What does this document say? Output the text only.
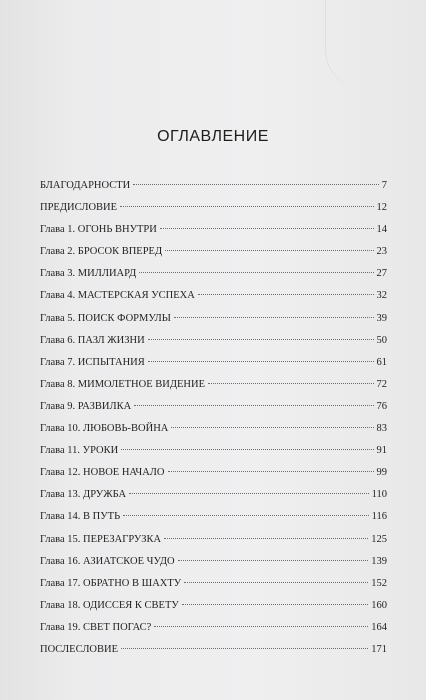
ОГЛАВЛЕНИЕ
БЛАГОДАРНОСТИ	7
ПРЕДИСЛОВИЕ	12
Глава 1. ОГОНЬ ВНУТРИ	14
Глава 2. БРОСОК ВПЕРЕД	23
Глава 3. МИЛЛИАРД	27
Глава 4. МАСТЕРСКАЯ УСПЕХА	32
Глава 5. ПОИСК ФОРМУЛЫ	39
Глава 6. ПАЗЛ ЖИЗНИ	50
Глава 7. ИСПЫТАНИЯ	61
Глава 8. МИМОЛЕТНОЕ ВИДЕНИЕ	72
Глава 9. РАЗВИЛКА	76
Глава 10. ЛЮБОВЬ-ВОЙНА	83
Глава 11. УРОКИ	91
Глава 12. НОВОЕ НАЧАЛО	99
Глава 13. ДРУЖБА	110
Глава 14. В ПУТЬ	116
Глава 15. ПЕРЕЗАГРУЗКА	125
Глава 16. АЗИАТСКОЕ ЧУДО	139
Глава 17. ОБРАТНО В ШАХТУ	152
Глава 18. ОДИССЕЯ К СВЕТУ	160
Глава 19. СВЕТ ПОГАС?	164
ПОСЛЕСЛОВИЕ	171
